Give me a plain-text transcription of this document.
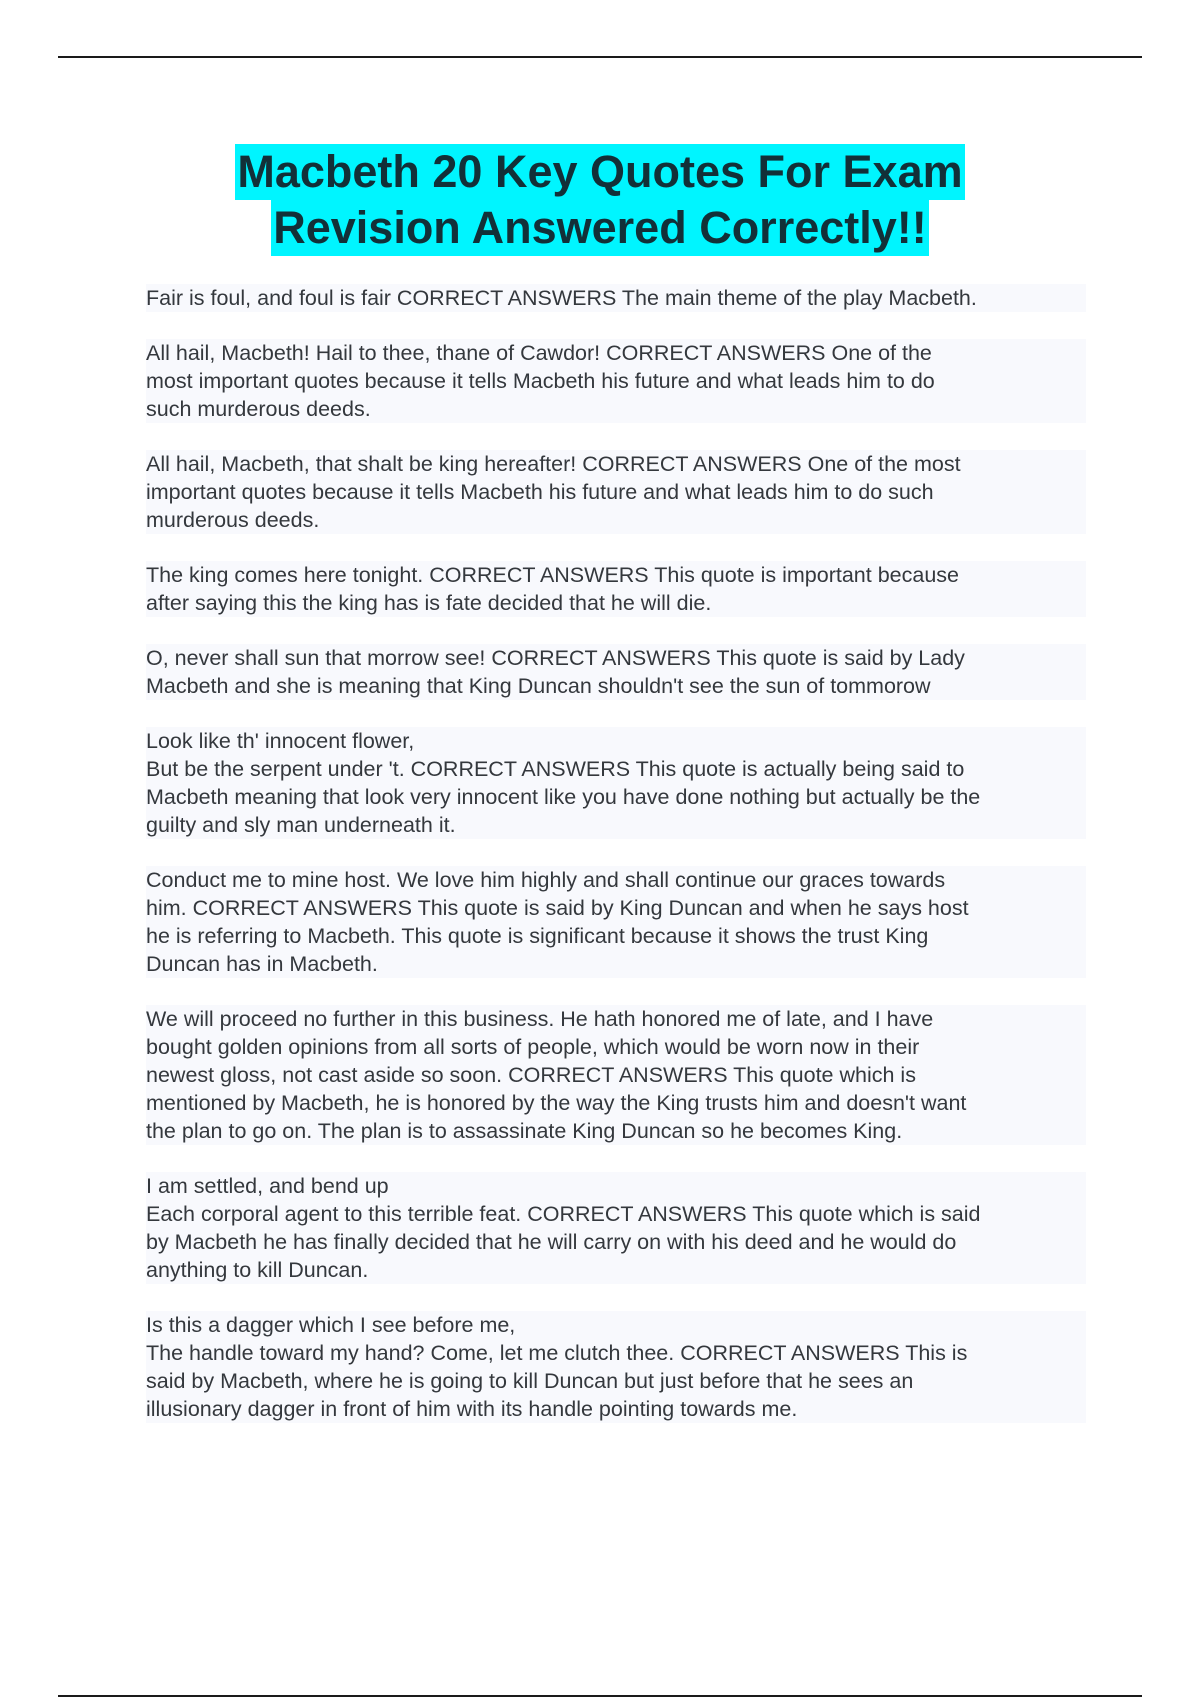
Macbeth 20 Key Quotes For Exam
Revision Answered Correctly!!
Fair is foul, and foul is fair CORRECT ANSWERS The main theme of the play Macbeth.
All hail, Macbeth! Hail to thee, thane of Cawdor! CORRECT ANSWERS One of the
most important quotes because it tells Macbeth his future and what leads him to do
such murderous deeds.
All hail, Macbeth, that shalt be king hereafter! CORRECT ANSWERS One of the most
important quotes because it tells Macbeth his future and what leads him to do such
murderous deeds.
The king comes here tonight. CORRECT ANSWERS This quote is important because
after saying this the king has is fate decided that he will die.
O, never shall sun that morrow see! CORRECT ANSWERS This quote is said by Lady
Macbeth and she is meaning that King Duncan shouldn't see the sun of tommorow
Look like th' innocent flower,
But be the serpent under 't. CORRECT ANSWERS This quote is actually being said to
Macbeth meaning that look very innocent like you have done nothing but actually be the
guilty and sly man underneath it.
Conduct me to mine host. We love him highly and shall continue our graces towards
him. CORRECT ANSWERS This quote is said by King Duncan and when he says host
he is referring to Macbeth. This quote is significant because it shows the trust King
Duncan has in Macbeth.
We will proceed no further in this business. He hath honored me of late, and I have
bought golden opinions from all sorts of people, which would be worn now in their
newest gloss, not cast aside so soon. CORRECT ANSWERS This quote which is
mentioned by Macbeth, he is honored by the way the King trusts him and doesn't want
the plan to go on. The plan is to assassinate King Duncan so he becomes King.
I am settled, and bend up
Each corporal agent to this terrible feat. CORRECT ANSWERS This quote which is said
by Macbeth he has finally decided that he will carry on with his deed and he would do
anything to kill Duncan.
Is this a dagger which I see before me,
The handle toward my hand? Come, let me clutch thee. CORRECT ANSWERS This is
said by Macbeth, where he is going to kill Duncan but just before that he sees an
illusionary dagger in front of him with its handle pointing towards me.
